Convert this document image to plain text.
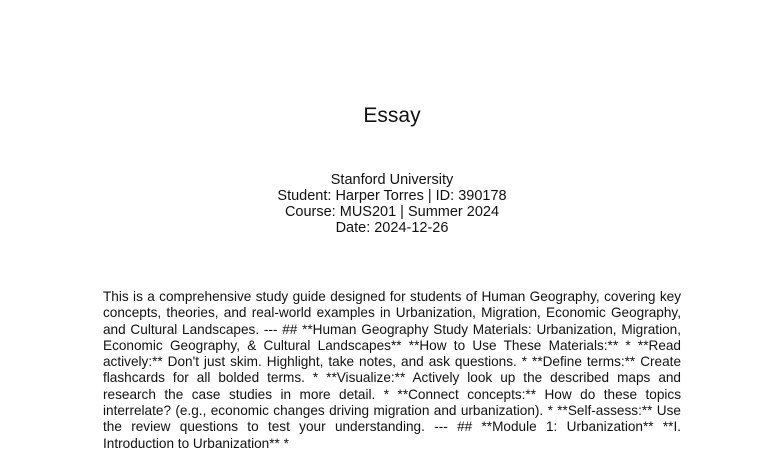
Essay
Stanford University
Student: Harper Torres | ID: 390178
Course: MUS201 | Summer 2024
Date: 2024-12-26
This is a comprehensive study guide designed for students of Human Geography, covering key concepts, theories, and real-world examples in Urbanization, Migration, Economic Geography, and Cultural Landscapes. --- ## **Human Geography Study Materials: Urbanization, Migration, Economic Geography, & Cultural Landscapes** **How to Use These Materials:** * **Read actively:** Don't just skim. Highlight, take notes, and ask questions. * **Define terms:** Create flashcards for all bolded terms. * **Visualize:** Actively look up the described maps and research the case studies in more detail. * **Connect concepts:** How do these topics interrelate? (e.g., economic changes driving migration and urbanization). * **Self-assess:** Use the review questions to test your understanding. --- ## **Module 1: Urbanization** **I. Introduction to Urbanization** *
